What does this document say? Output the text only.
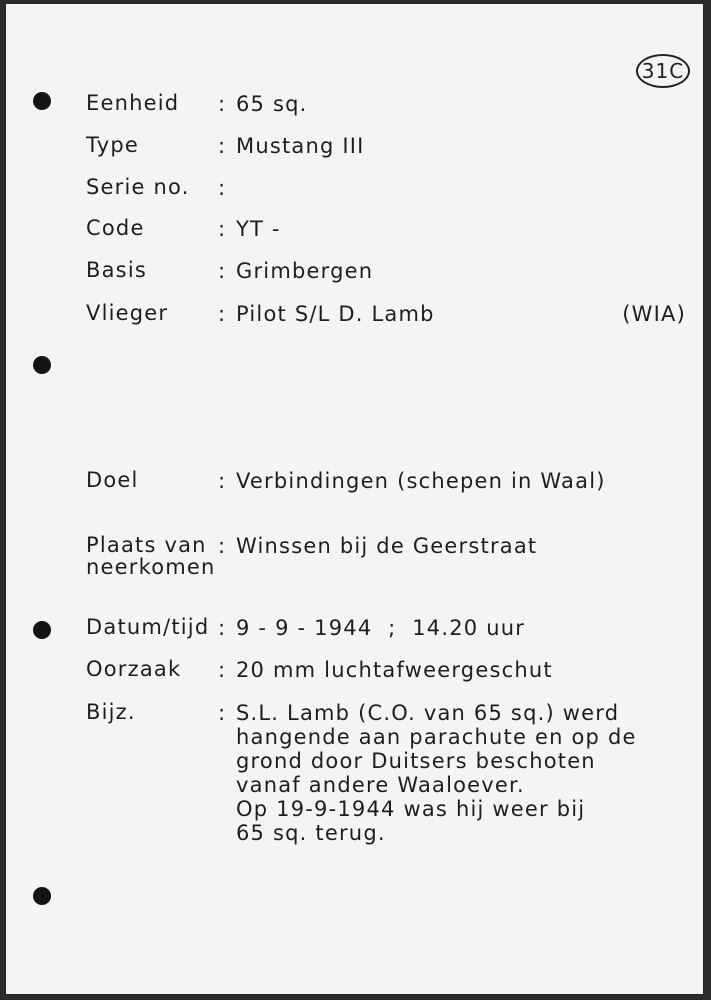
31C
Eenheid	: 65 sq.
Type	: Mustang III
Serie no.	:
Code	: YT -
Basis	: Grimbergen
Vlieger	: Pilot S/L D. Lamb	(WIA)
Doel	: Verbindingen (schepen in Waal)
Plaats van
neerkomen
: Winssen bij de Geerstraat
Datum/tijd : 9 - 9 - 1944  ;  14.20 uur
Oorzaak	: 20 mm luchtafweergeschut
Bijz.	: S.L. Lamb (C.O. van 65 sq.) werd
hangende aan parachute en op de
grond door Duitsers beschoten
vanaf andere Waaloever.
Op 19-9-1944 was hij weer bij
65 sq. terug.
